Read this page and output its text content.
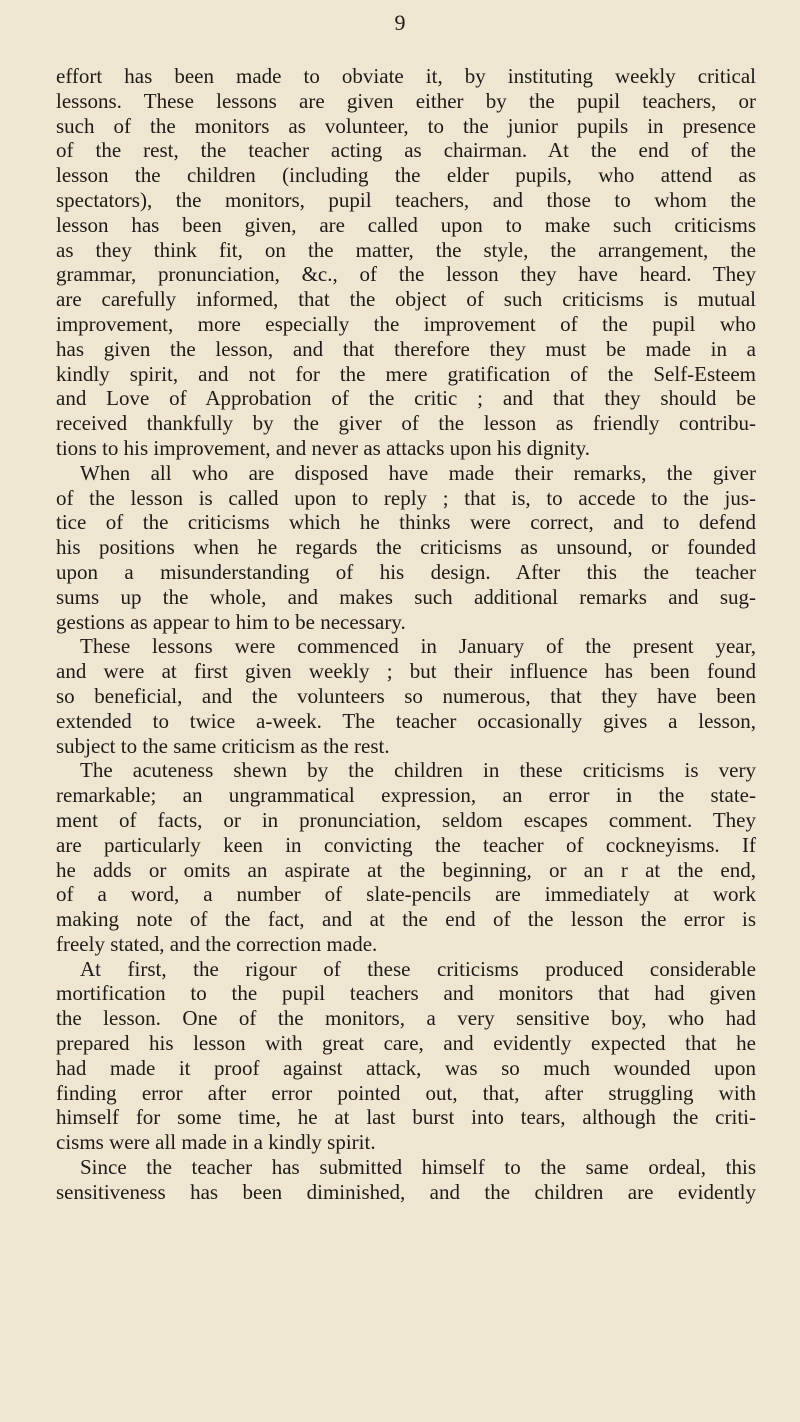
9
effort has been made to obviate it, by instituting weekly critical
lessons. These lessons are given either by the pupil teachers, or
such of the monitors as volunteer, to the junior pupils in presence
of the rest, the teacher acting as chairman. At the end of the
lesson the children (including the elder pupils, who attend as
spectators), the monitors, pupil teachers, and those to whom the
lesson has been given, are called upon to make such criticisms
as they think fit, on the matter, the style, the arrangement, the
grammar, pronunciation, &c., of the lesson they have heard. They
are carefully informed, that the object of such criticisms is mutual
improvement, more especially the improvement of the pupil who
has given the lesson, and that therefore they must be made in a
kindly spirit, and not for the mere gratification of the Self-Esteem
and Love of Approbation of the critic ; and that they should be
received thankfully by the giver of the lesson as friendly contribu-
tions to his improvement, and never as attacks upon his dignity.
When all who are disposed have made their remarks, the giver
of the lesson is called upon to reply ; that is, to accede to the jus-
tice of the criticisms which he thinks were correct, and to defend
his positions when he regards the criticisms as unsound, or founded
upon a misunderstanding of his design. After this the teacher
sums up the whole, and makes such additional remarks and sug-
gestions as appear to him to be necessary.
These lessons were commenced in January of the present year,
and were at first given weekly ; but their influence has been found
so beneficial, and the volunteers so numerous, that they have been
extended to twice a-week. The teacher occasionally gives a lesson,
subject to the same criticism as the rest.
The acuteness shewn by the children in these criticisms is very
remarkable; an ungrammatical expression, an error in the state-
ment of facts, or in pronunciation, seldom escapes comment. They
are particularly keen in convicting the teacher of cockneyisms. If
he adds or omits an aspirate at the beginning, or an r at the end,
of a word, a number of slate-pencils are immediately at work
making note of the fact, and at the end of the lesson the error is
freely stated, and the correction made.
At first, the rigour of these criticisms produced considerable
mortification to the pupil teachers and monitors that had given
the lesson. One of the monitors, a very sensitive boy, who had
prepared his lesson with great care, and evidently expected that he
had made it proof against attack, was so much wounded upon
finding error after error pointed out, that, after struggling with
himself for some time, he at last burst into tears, although the criti-
cisms were all made in a kindly spirit.
Since the teacher has submitted himself to the same ordeal, this
sensitiveness has been diminished, and the children are evidently
